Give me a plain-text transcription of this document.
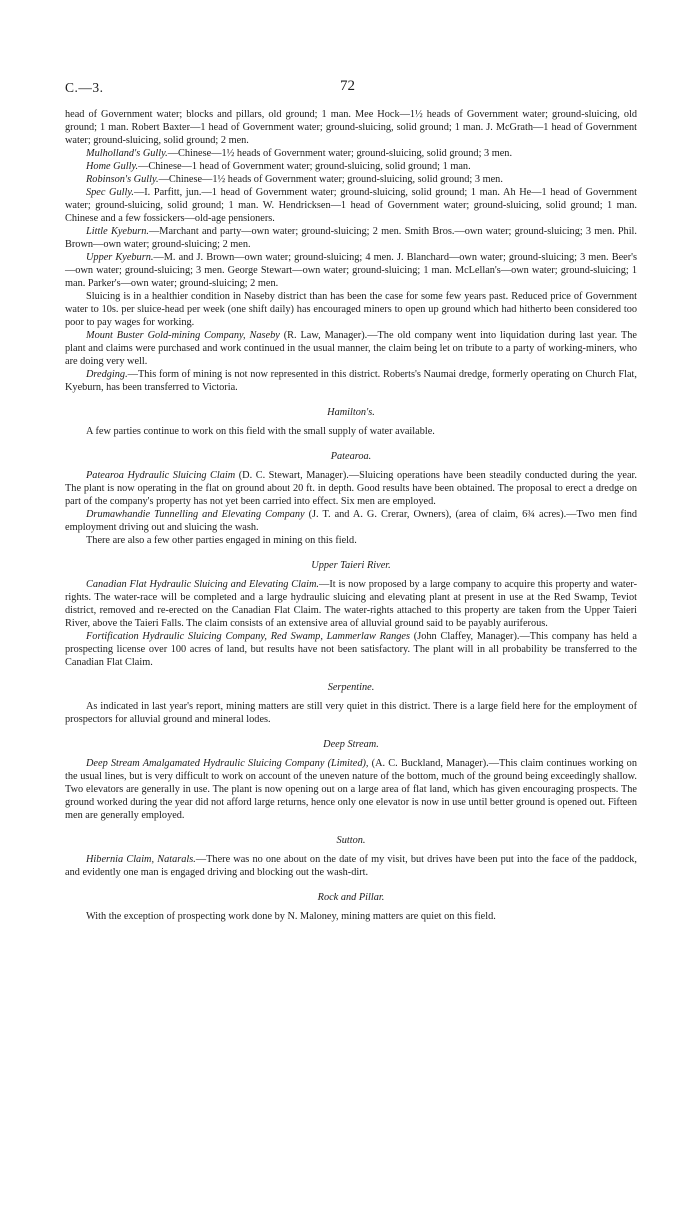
C.—3.	72

head of Government water; blocks and pillars, old ground; 1 man. Mee Hock—1½ heads of Government water; ground-sluicing, old ground; 1 man. Robert Baxter—1 head of Government water; ground-sluicing, solid ground; 1 man. J. McGrath—1 head of Government water; ground-sluicing, solid ground; 2 men.

Mulholland's Gully.—Chinese—1½ heads of Government water; ground-sluicing, solid ground; 3 men.

Home Gully.—Chinese—1 head of Government water; ground-sluicing, solid ground; 1 man.

Robinson's Gully.—Chinese—1½ heads of Government water; ground-sluicing, solid ground; 3 men.

Spec Gully.—I. Parfitt, jun.—1 head of Government water; ground-sluicing, solid ground; 1 man. Ah He—1 head of Government water; ground-sluicing, solid ground; 1 man. W. Hendricksen—1 head of Government water; ground-sluicing, solid ground; 1 man. Chinese and a few fossickers—old-age pensioners.

Little Kyeburn.—Marchant and party—own water; ground-sluicing; 2 men. Smith Bros.—own water; ground-sluicing; 3 men. Phil. Brown—own water; ground-sluicing; 2 men.

Upper Kyeburn.—M. and J. Brown—own water; ground-sluicing; 4 men. J. Blanchard—own water; ground-sluicing; 3 men. Beer's—own water; ground-sluicing; 3 men. George Stewart—own water; ground-sluicing; 1 man. McLellan's—own water; ground-sluicing; 1 man. Parker's—own water; ground-sluicing; 2 men.

Sluicing is in a healthier condition in Naseby district than has been the case for some few years past. Reduced price of Government water to 10s. per sluice-head per week (one shift daily) has encouraged miners to open up ground which had hitherto been considered too poor to pay wages for working.

Mount Buster Gold-mining Company, Naseby (R. Law, Manager).—The old company went into liquidation during last year. The plant and claims were purchased and work continued in the usual manner, the claim being let on tribute to a party of working-miners, who are doing very well.

Dredging.—This form of mining is not now represented in this district. Roberts's Naumai dredge, formerly operating on Church Flat, Kyeburn, has been transferred to Victoria.

Hamilton's.

A few parties continue to work on this field with the small supply of water available.

Patearoa.

Patearoa Hydraulic Sluicing Claim (D. C. Stewart, Manager).—Sluicing operations have been steadily conducted during the year. The plant is now operating in the flat on ground about 20 ft. in depth. Good results have been obtained. The proposal to erect a dredge on part of the company's property has not yet been carried into effect. Six men are employed.

Drumawhandie Tunnelling and Elevating Company (J. T. and A. G. Crerar, Owners), (area of claim, 6¾ acres).—Two men find employment driving out and sluicing the wash.

There are also a few other parties engaged in mining on this field.

Upper Taieri River.

Canadian Flat Hydraulic Sluicing and Elevating Claim.—It is now proposed by a large company to acquire this property and water-rights. The water-race will be completed and a large hydraulic sluicing and elevating plant at present in use at the Red Swamp, Teviot district, removed and re-erected on the Canadian Flat Claim. The water-rights attached to this property are taken from the Upper Taieri River, above the Taieri Falls. The claim consists of an extensive area of alluvial ground said to be payably auriferous.

Fortification Hydraulic Sluicing Company, Red Swamp, Lammerlaw Ranges (John Claffey, Manager).—This company has held a prospecting license over 100 acres of land, but results have not been satisfactory. The plant will in all probability be transferred to the Canadian Flat Claim.

Serpentine.

As indicated in last year's report, mining matters are still very quiet in this district. There is a large field here for the employment of prospectors for alluvial ground and mineral lodes.

Deep Stream.

Deep Stream Amalgamated Hydraulic Sluicing Company (Limited), (A. C. Buckland, Manager).—This claim continues working on the usual lines, but is very difficult to work on account of the uneven nature of the bottom, much of the ground being exceedingly shallow. Two elevators are generally in use. The plant is now opening out on a large area of flat land, which has given encouraging prospects. The ground worked during the year did not afford large returns, hence only one elevator is now in use until better ground is opened out. Fifteen men are generally employed.

Sutton.

Hibernia Claim, Natarals.—There was no one about on the date of my visit, but drives have been put into the face of the paddock, and evidently one man is engaged driving and blocking out the wash-dirt.

Rock and Pillar.

With the exception of prospecting work done by N. Maloney, mining matters are quiet on this field.
